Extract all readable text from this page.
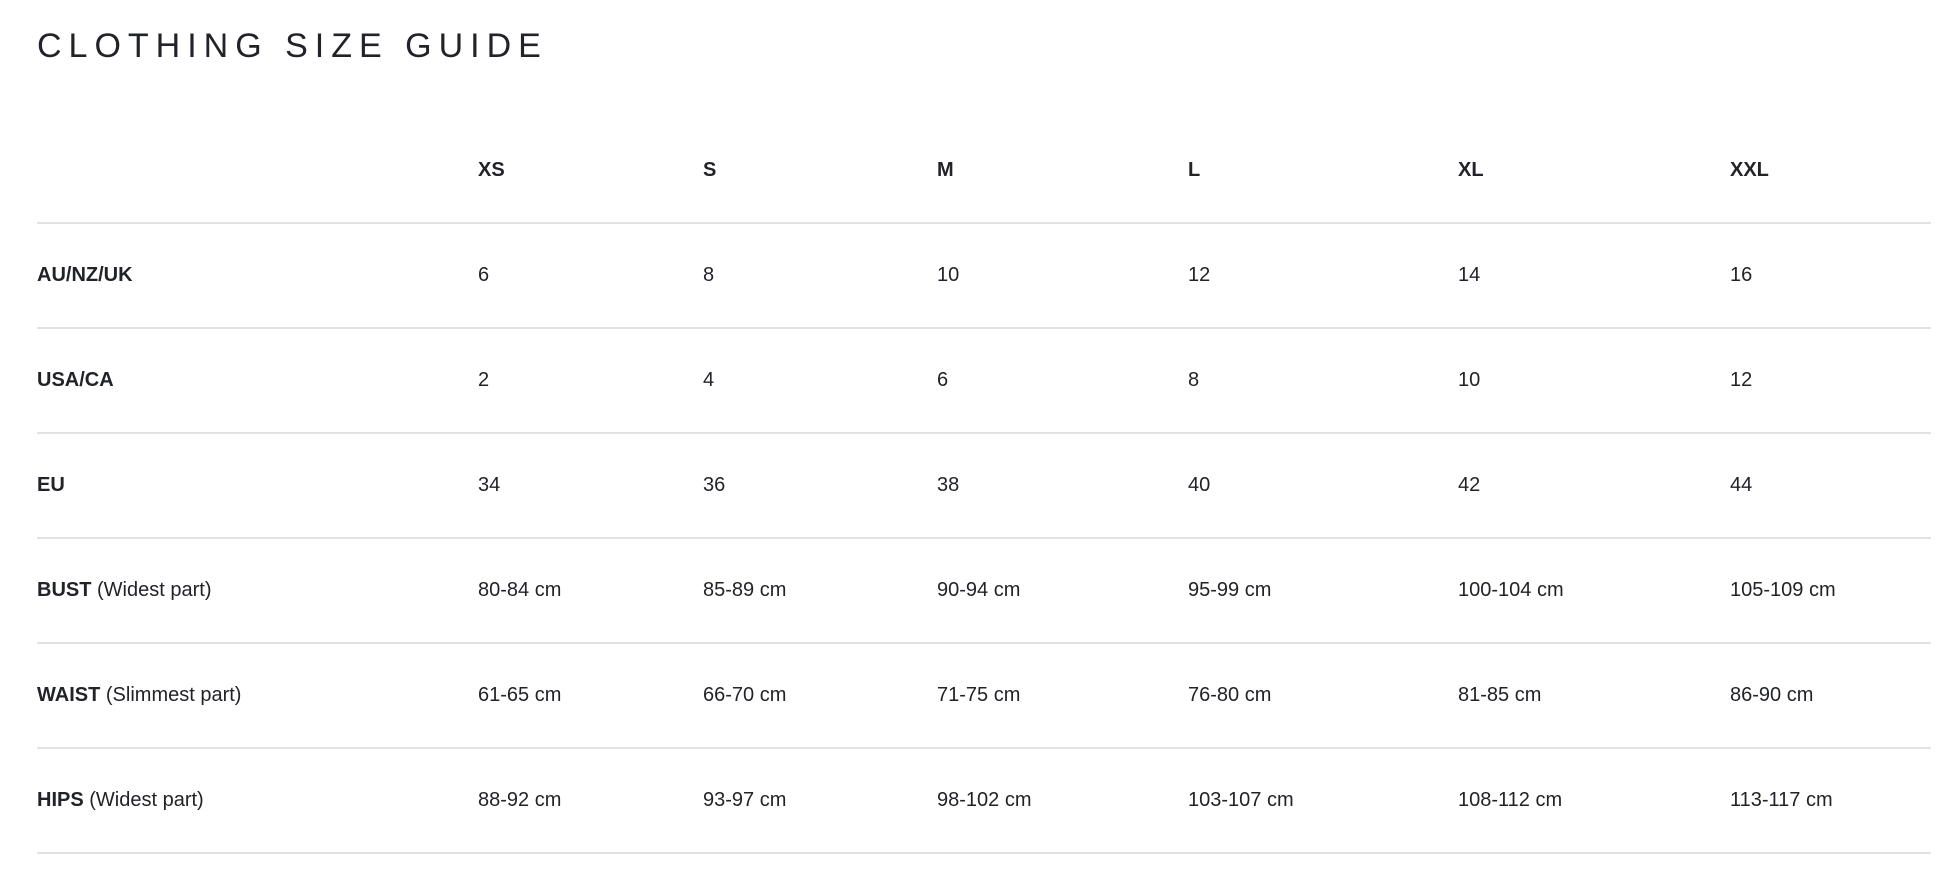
CLOTHING SIZE GUIDE
	XS	S	M	L	XL	XXL
AU/NZ/UK	6	8	10	12	14	16
USA/CA	2	4	6	8	10	12
EU	34	36	38	40	42	44
BUST (Widest part)	80-84 cm	85-89 cm	90-94 cm	95-99 cm	100-104 cm	105-109 cm
WAIST (Slimmest part)	61-65 cm	66-70 cm	71-75 cm	76-80 cm	81-85 cm	86-90 cm
HIPS (Widest part)	88-92 cm	93-97 cm	98-102 cm	103-107 cm	108-112 cm	113-117 cm
